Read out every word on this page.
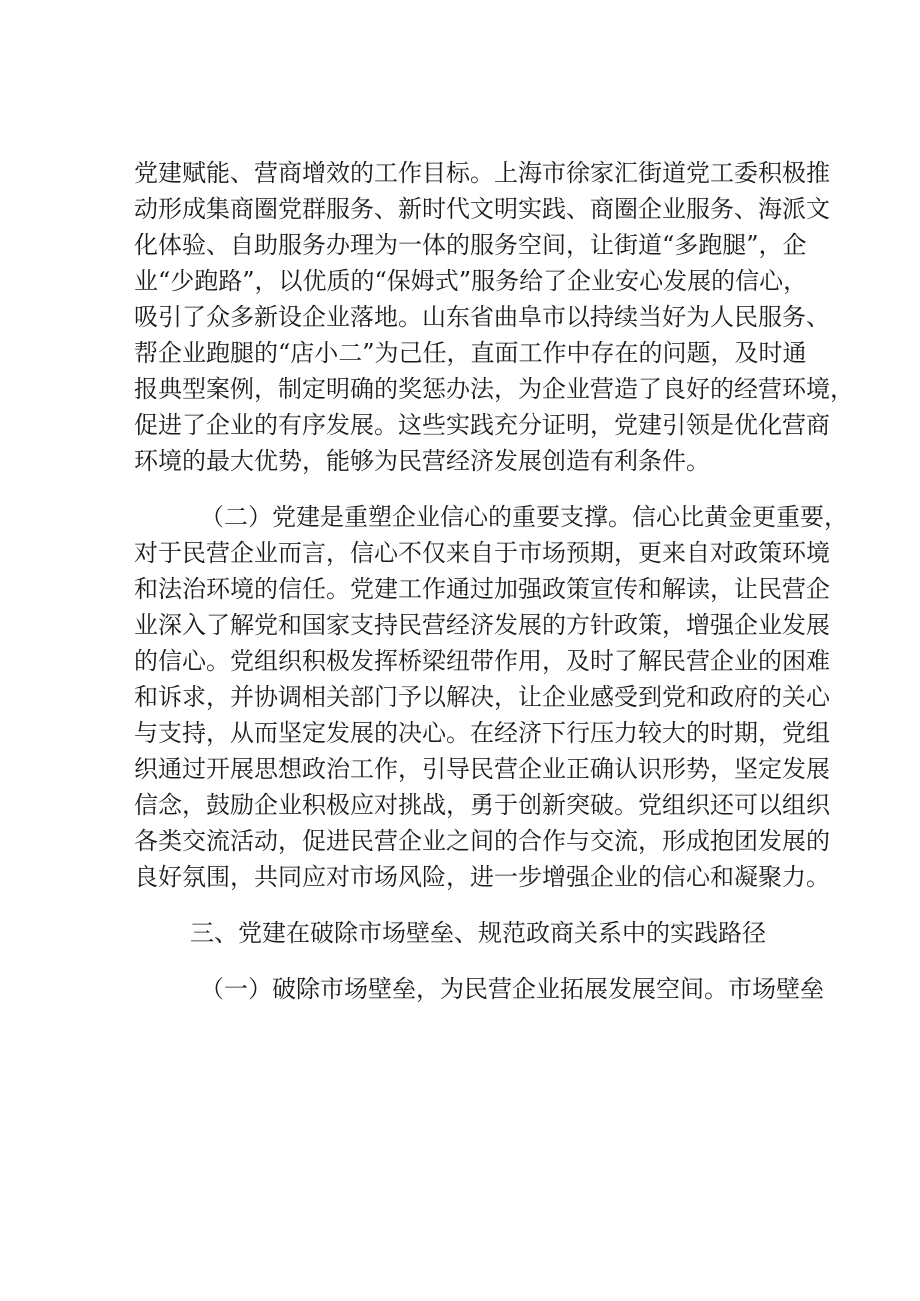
党建赋能、营商增效的工作目标。上海市徐家汇街道党工委积极推
动形成集商圈党群服务、新时代文明实践、商圈企业服务、海派文
化体验、自助服务办理为一体的服务空间，让街道“多跑腿”，企
业“少跑路”，以优质的“保姆式”服务给了企业安心发展的信心，
吸引了众多新设企业落地。山东省曲阜市以持续当好为人民服务、
帮企业跑腿的“店小二”为己任，直面工作中存在的问题，及时通
报典型案例，制定明确的奖惩办法，为企业营造了良好的经营环境，
促进了企业的有序发展。这些实践充分证明，党建引领是优化营商
环境的最大优势，能够为民营经济发展创造有利条件。
（二）党建是重塑企业信心的重要支撑。信心比黄金更重要，
对于民营企业而言，信心不仅来自于市场预期，更来自对政策环境
和法治环境的信任。党建工作通过加强政策宣传和解读，让民营企
业深入了解党和国家支持民营经济发展的方针政策，增强企业发展
的信心。党组织积极发挥桥梁纽带作用，及时了解民营企业的困难
和诉求，并协调相关部门予以解决，让企业感受到党和政府的关心
与支持，从而坚定发展的决心。在经济下行压力较大的时期，党组
织通过开展思想政治工作，引导民营企业正确认识形势，坚定发展
信念，鼓励企业积极应对挑战，勇于创新突破。党组织还可以组织
各类交流活动，促进民营企业之间的合作与交流，形成抱团发展的
良好氛围，共同应对市场风险，进一步增强企业的信心和凝聚力。
三、党建在破除市场壁垒、规范政商关系中的实践路径
（一）破除市场壁垒，为民营企业拓展发展空间。市场壁垒
